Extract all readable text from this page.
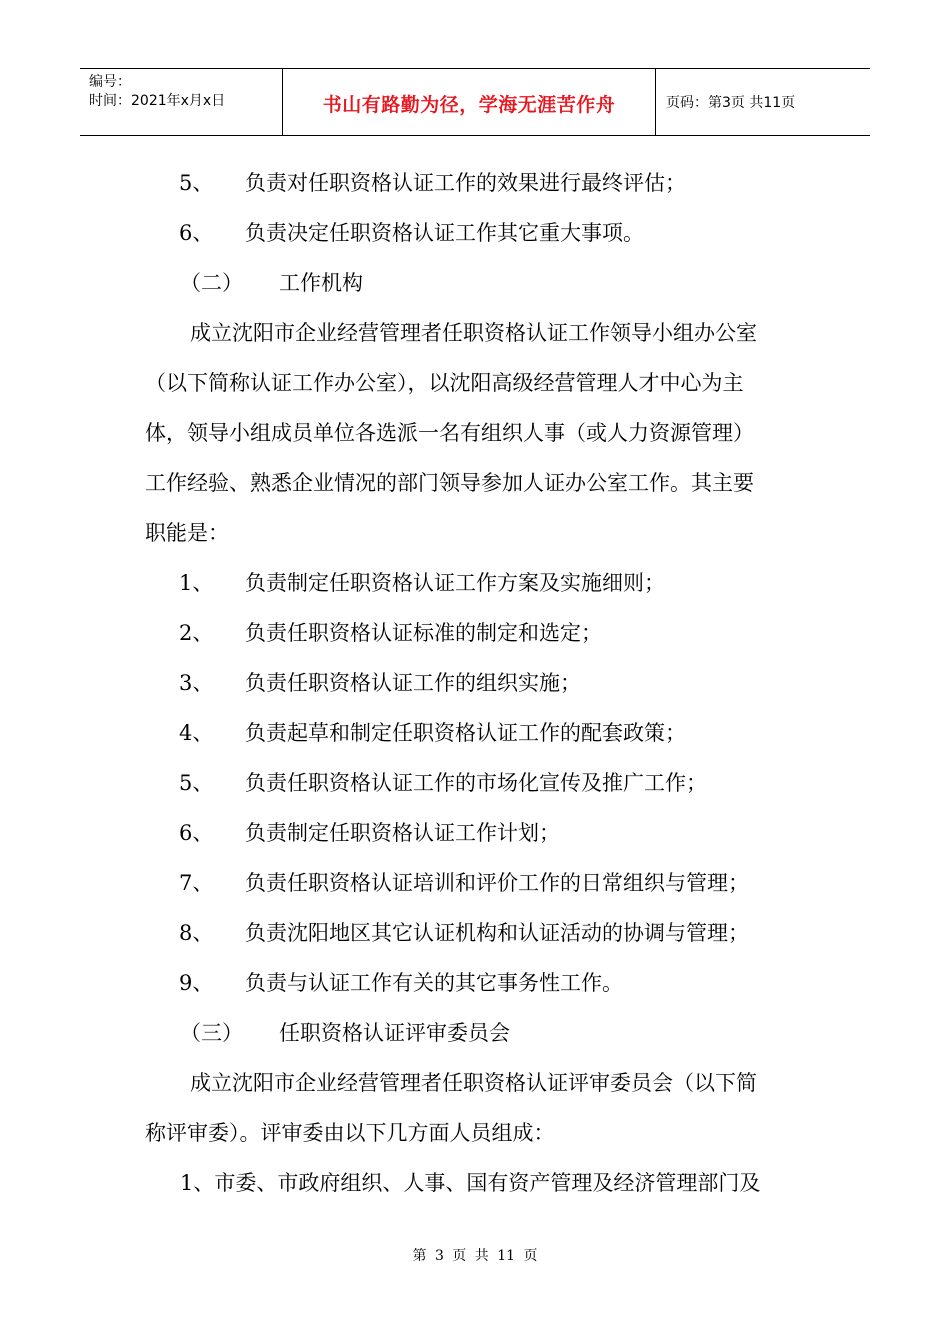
编号：
时间：2021年x月x日	书山有路勤为径，学海无涯苦作舟	页码：第3页 共11页
5、 负责对任职资格认证工作的效果进行最终评估；
6、 负责决定任职资格认证工作其它重大事项。
（二） 工作机构
成立沈阳市企业经营管理者任职资格认证工作领导小组办公室
（以下简称认证工作办公室），以沈阳高级经营管理人才中心为主
体，领导小组成员单位各选派一名有组织人事（或人力资源管理）
工作经验、熟悉企业情况的部门领导参加人证办公室工作。其主要
职能是：
1、 负责制定任职资格认证工作方案及实施细则；
2、 负责任职资格认证标准的制定和选定；
3、 负责任职资格认证工作的组织实施；
4、 负责起草和制定任职资格认证工作的配套政策；
5、 负责任职资格认证工作的市场化宣传及推广工作；
6、 负责制定任职资格认证工作计划；
7、 负责任职资格认证培训和评价工作的日常组织与管理；
8、 负责沈阳地区其它认证机构和认证活动的协调与管理；
9、 负责与认证工作有关的其它事务性工作。
（三） 任职资格认证评审委员会
成立沈阳市企业经营管理者任职资格认证评审委员会（以下简
称评审委）。评审委由以下几方面人员组成：
1、市委、市政府组织、人事、国有资产管理及经济管理部门及
第 3 页 共 11 页
